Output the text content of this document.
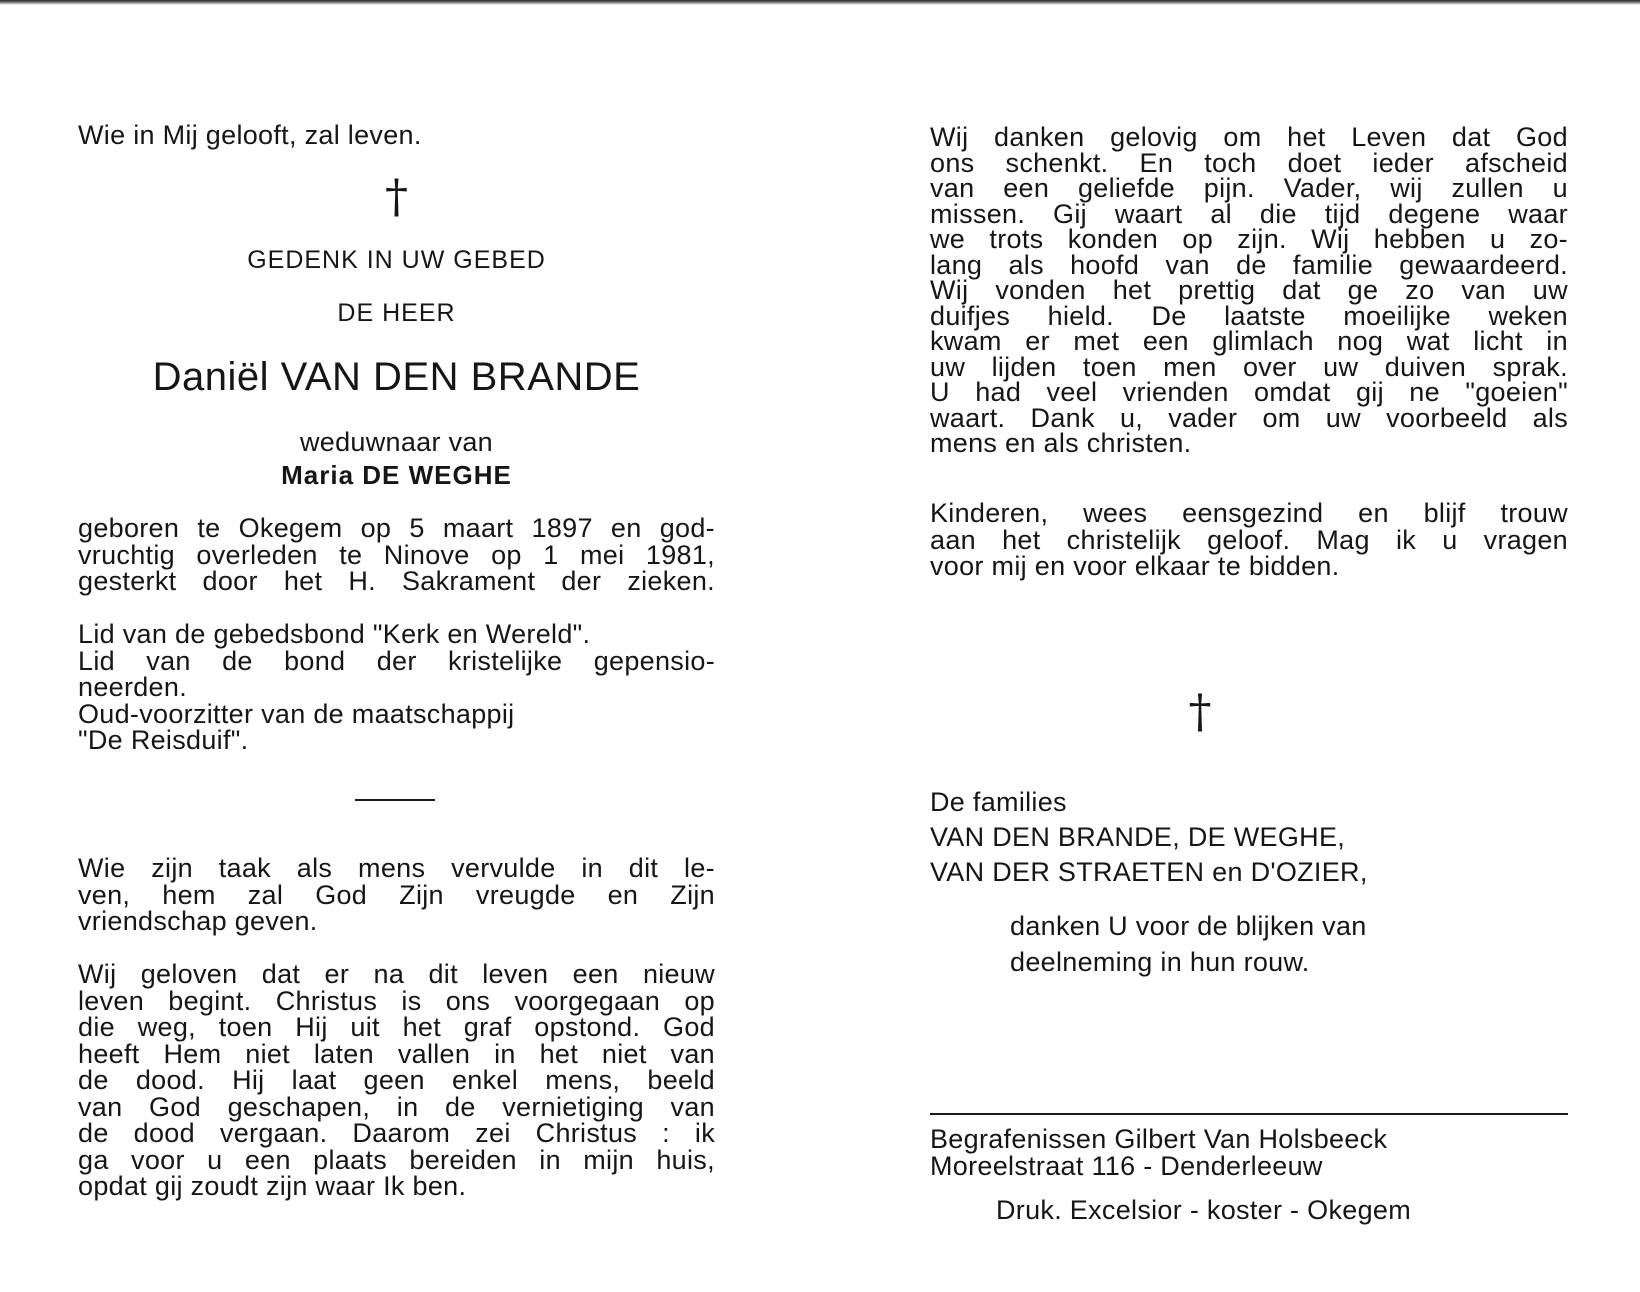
Wie in Mij gelooft, zal leven.
†
GEDENK IN UW GEBED
DE HEER
Daniël VAN DEN BRANDE
weduwnaar van
Maria DE WEGHE
geboren te Okegem op 5 maart 1897 en god-
vruchtig overleden te Ninove op 1 mei 1981,
gesterkt door het H. Sakrament der zieken.
Lid van de gebedsbond "Kerk en Wereld".
Lid van de bond der kristelijke gepensio-
neerden.
Oud-voorzitter van de maatschappij
"De Reisduif".
Wie zijn taak als mens vervulde in dit le-
ven, hem zal God Zijn vreugde en Zijn
vriendschap geven.
Wij geloven dat er na dit leven een nieuw
leven begint. Christus is ons voorgegaan op
die weg, toen Hij uit het graf opstond. God
heeft Hem niet laten vallen in het niet van
de dood. Hij laat geen enkel mens, beeld
van God geschapen, in de vernietiging van
de dood vergaan. Daarom zei Christus : ik
ga voor u een plaats bereiden in mijn huis,
opdat gij zoudt zijn waar Ik ben.
Wij danken gelovig om het Leven dat God
ons schenkt. En toch doet ieder afscheid
van een geliefde pijn. Vader, wij zullen u
missen. Gij waart al die tijd degene waar
we trots konden op zijn. Wij hebben u zo-
lang als hoofd van de familie gewaardeerd.
Wij vonden het prettig dat ge zo van uw
duifjes hield. De laatste moeilijke weken
kwam er met een glimlach nog wat licht in
uw lijden toen men over uw duiven sprak.
U had veel vrienden omdat gij ne "goeien"
waart. Dank u, vader om uw voorbeeld als
mens en als christen.
Kinderen, wees eensgezind en blijf trouw
aan het christelijk geloof. Mag ik u vragen
voor mij en voor elkaar te bidden.
†
De families
VAN DEN BRANDE, DE WEGHE,
VAN DER STRAETEN en D'OZIER,
danken U voor de blijken van
deelneming in hun rouw.
Begrafenissen Gilbert Van Holsbeeck
Moreelstraat 116 - Denderleeuw
Druk. Excelsior - koster - Okegem
